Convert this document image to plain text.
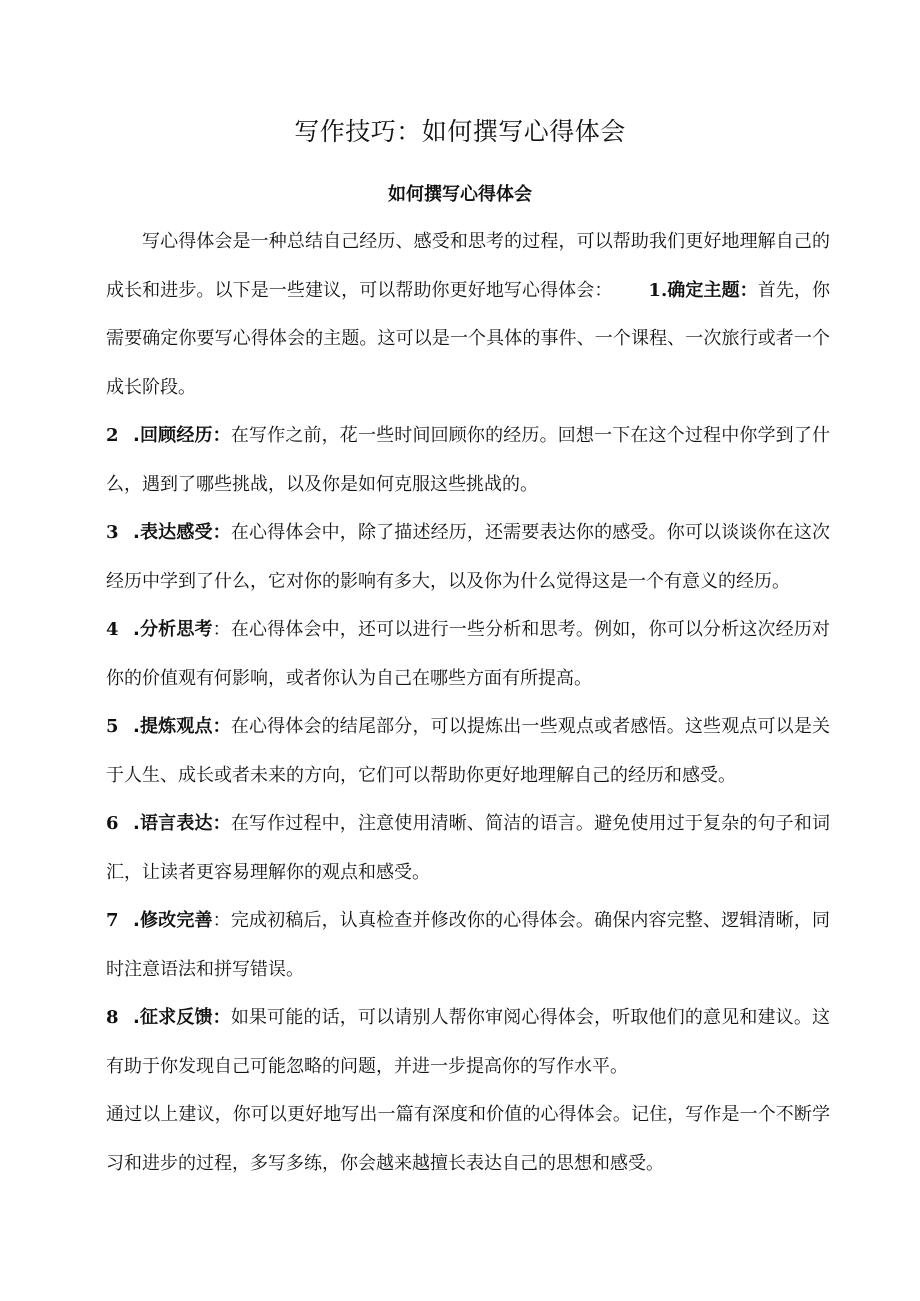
写作技巧：如何撰写心得体会
如何撰写心得体会

写心得体会是一种总结自己经历、感受和思考的过程，可以帮助我们更好地理解自己的成长和进步。以下是一些建议，可以帮助你更好地写心得体会： 1.确定主题：首先，你需要确定你要写心得体会的主题。这可以是一个具体的事件、一个课程、一次旅行或者一个成长阶段。

2 .回顾经历：在写作之前，花一些时间回顾你的经历。回想一下在这个过程中你学到了什么，遇到了哪些挑战，以及你是如何克服这些挑战的。

3 .表达感受：在心得体会中，除了描述经历，还需要表达你的感受。你可以谈谈你在这次经历中学到了什么，它对你的影响有多大，以及你为什么觉得这是一个有意义的经历。

4 .分析思考：在心得体会中，还可以进行一些分析和思考。例如，你可以分析这次经历对你的价值观有何影响，或者你认为自己在哪些方面有所提高。

5 .提炼观点：在心得体会的结尾部分，可以提炼出一些观点或者感悟。这些观点可以是关于人生、成长或者未来的方向，它们可以帮助你更好地理解自己的经历和感受。

6 .语言表达：在写作过程中，注意使用清晰、简洁的语言。避免使用过于复杂的句子和词汇，让读者更容易理解你的观点和感受。

7 .修改完善：完成初稿后，认真检查并修改你的心得体会。确保内容完整、逻辑清晰，同时注意语法和拼写错误。

8 .征求反馈：如果可能的话，可以请别人帮你审阅心得体会，听取他们的意见和建议。这有助于你发现自己可能忽略的问题，并进一步提高你的写作水平。

通过以上建议，你可以更好地写出一篇有深度和价值的心得体会。记住，写作是一个不断学习和进步的过程，多写多练，你会越来越擅长表达自己的思想和感受。
